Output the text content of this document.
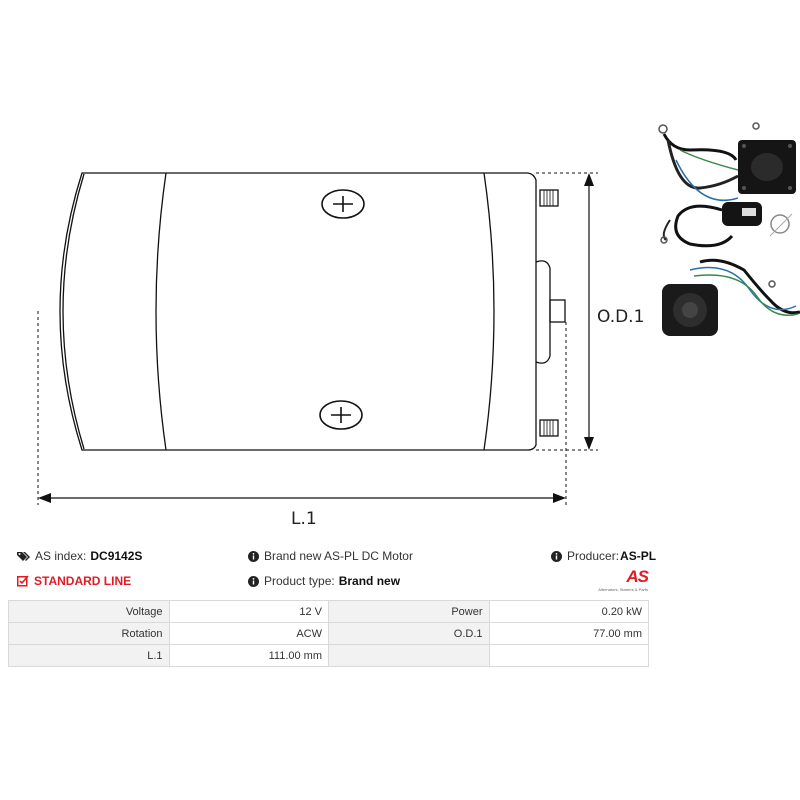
O.D.1
L.1
AS index: DC9142S
STANDARD LINE
Brand new AS-PL DC Motor
Product type: Brand new
Producer: AS-PL
AS
Alternators, Starters & Parts
Voltage	12 V	Power	0.20 kW
Rotation	ACW	O.D.1	77.00 mm
L.1	111.00 mm		
